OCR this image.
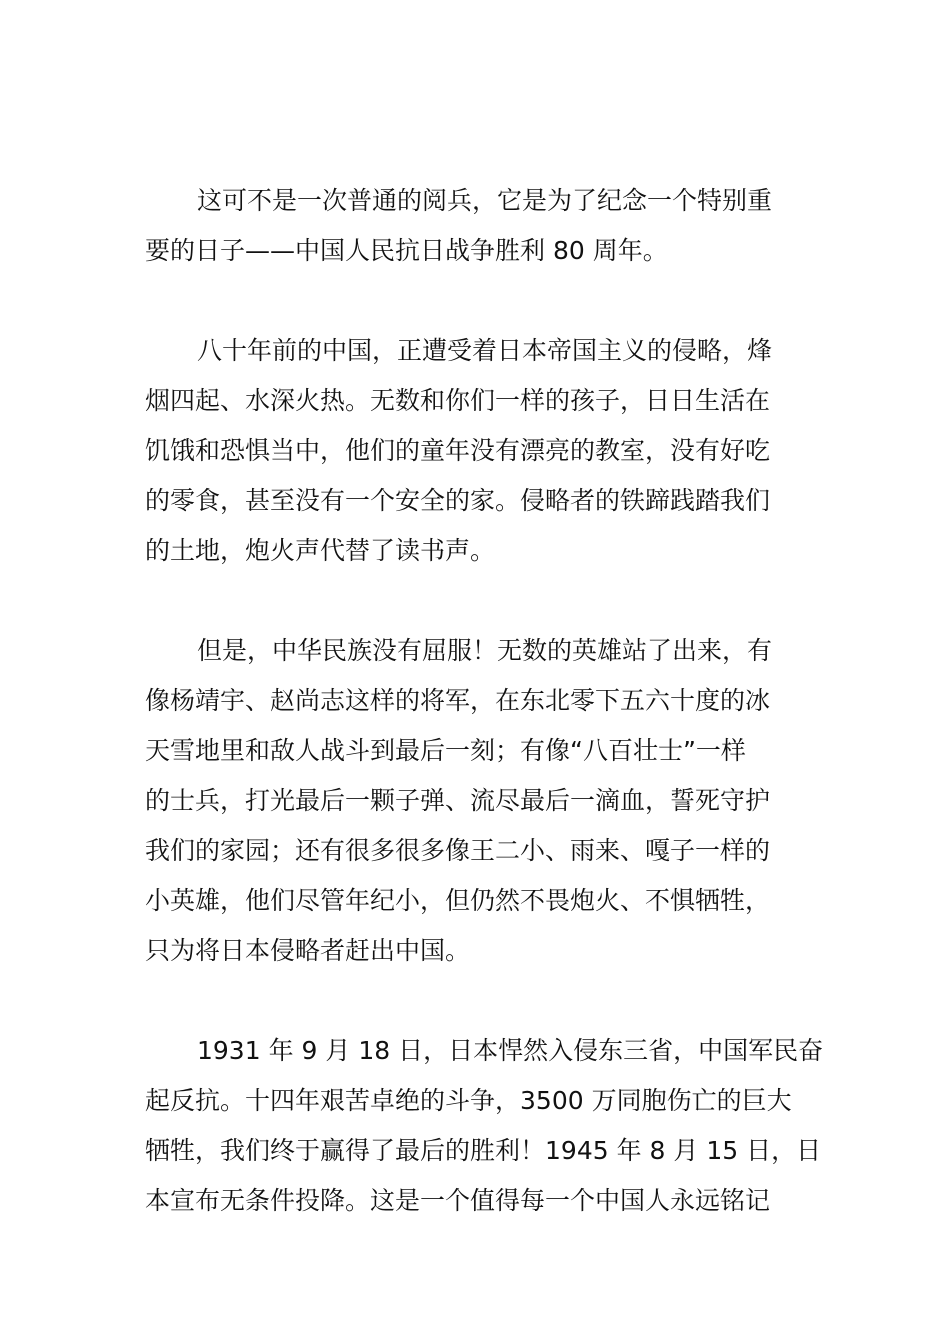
这可不是一次普通的阅兵，它是为了纪念一个特别重
要的日子——中国人民抗日战争胜利 80 周年。
八十年前的中国，正遭受着日本帝国主义的侵略，烽
烟四起、水深火热。无数和你们一样的孩子，日日生活在
饥饿和恐惧当中，他们的童年没有漂亮的教室，没有好吃
的零食，甚至没有一个安全的家。侵略者的铁蹄践踏我们
的土地，炮火声代替了读书声。
但是，中华民族没有屈服！无数的英雄站了出来，有
像杨靖宇、赵尚志这样的将军，在东北零下五六十度的冰
天雪地里和敌人战斗到最后一刻；有像“八百壮士”一样
的士兵，打光最后一颗子弹、流尽最后一滴血，誓死守护
我们的家园；还有很多很多像王二小、雨来、嘎子一样的
小英雄，他们尽管年纪小，但仍然不畏炮火、不惧牺牲，
只为将日本侵略者赶出中国。
1931 年 9 月 18 日，日本悍然入侵东三省，中国军民奋
起反抗。十四年艰苦卓绝的斗争，3500 万同胞伤亡的巨大
牺牲，我们终于赢得了最后的胜利！1945 年 8 月 15 日，日
本宣布无条件投降。这是一个值得每一个中国人永远铭记
